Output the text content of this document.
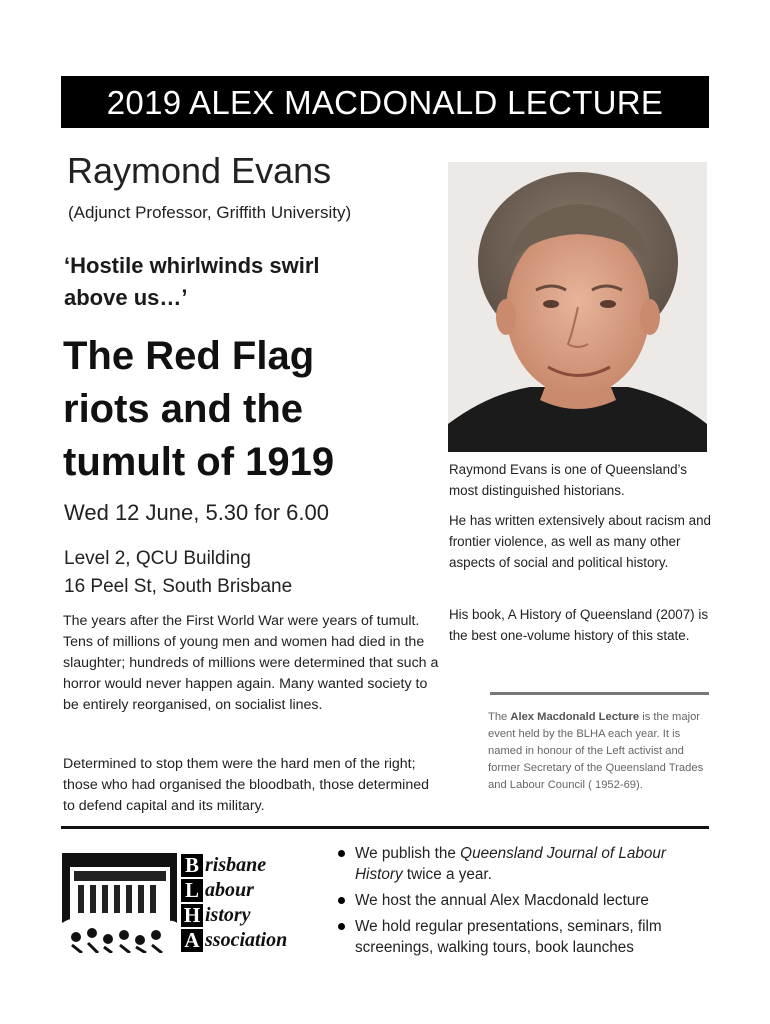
2019 ALEX MACDONALD LECTURE
Raymond Evans
(Adjunct Professor, Griffith University)
‘Hostile whirlwinds swirl
above us…’
The Red Flag
riots and the
tumult of 1919
Wed 12 June, 5.30 for 6.00
Level 2, QCU Building
16 Peel St, South Brisbane
The years after the First World War were years of tumult. Tens of millions of young men and women had died in the slaughter; hundreds of millions were determined that such a horror would never happen again. Many wanted society to be entirely reorganised, on socialist lines.
Determined to stop them were the hard men of the right; those who had organised the bloodbath, those determined to defend capital and its military.
Raymond Evans is one of Queensland’s most distinguished historians.
He has written extensively about racism and frontier violence, as well as many other aspects of social and political history.
His book, A History of Queensland (2007) is the best one-volume history of this state.
The Alex Macdonald Lecture is the major event held by the BLHA each year. It is named in honour of the Left activist and former Secretary of the Queensland Trades and Labour Council ( 1952-69).
B risbane
L abour
H istory
A ssociation
We publish the Queensland Journal of Labour History twice a year.
We host the annual Alex Macdonald lecture
We hold regular presentations, seminars, film screenings, walking tours, book launches
